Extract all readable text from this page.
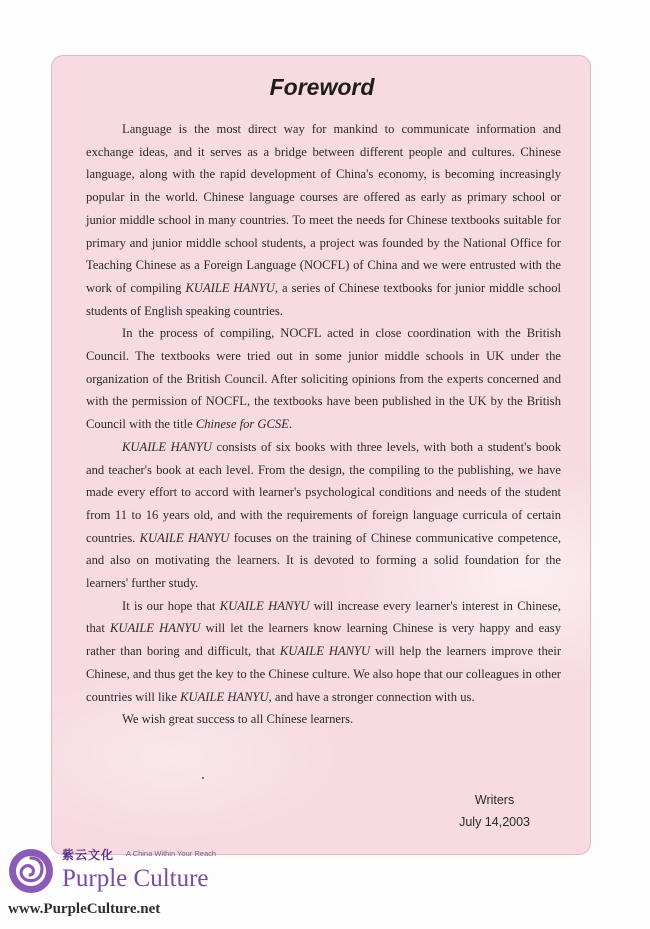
Foreword

Language is the most direct way for mankind to communicate information and exchange ideas, and it serves as a bridge between different people and cultures. Chinese language, along with the rapid development of China's economy, is becoming increasingly popular in the world. Chinese language courses are offered as early as primary school or junior middle school in many countries. To meet the needs for Chinese textbooks suitable for primary and junior middle school students, a project was founded by the National Office for Teaching Chinese as a Foreign Language (NOCFL) of China and we were entrusted with the work of compiling KUAILE HANYU, a series of Chinese textbooks for junior middle school students of English speaking countries.

In the process of compiling, NOCFL acted in close coordination with the British Council. The textbooks were tried out in some junior middle schools in UK under the organization of the British Council. After soliciting opinions from the experts concerned and with the permission of NOCFL, the textbooks have been published in the UK by the British Council with the title Chinese for GCSE.

KUAILE HANYU consists of six books with three levels, with both a student's book and teacher's book at each level. From the design, the compiling to the publishing, we have made every effort to accord with learner's psychological conditions and needs of the student from 11 to 16 years old, and with the requirements of foreign language curricula of certain countries. KUAILE HANYU focuses on the training of Chinese communicative competence, and also on motivating the learners. It is devoted to forming a solid foundation for the learners' further study.

It is our hope that KUAILE HANYU will increase every learner's interest in Chinese, that KUAILE HANYU will let the learners know learning Chinese is very happy and easy rather than boring and difficult, that KUAILE HANYU will help the learners improve their Chinese, and thus get the key to the Chinese culture. We also hope that our colleagues in other countries will like KUAILE HANYU, and have a stronger connection with us.

We wish great success to all Chinese learners.

Writers
July 14,2003
紫云文化 A China Within Your Reach
Purple Culture
www.PurpleCulture.net
